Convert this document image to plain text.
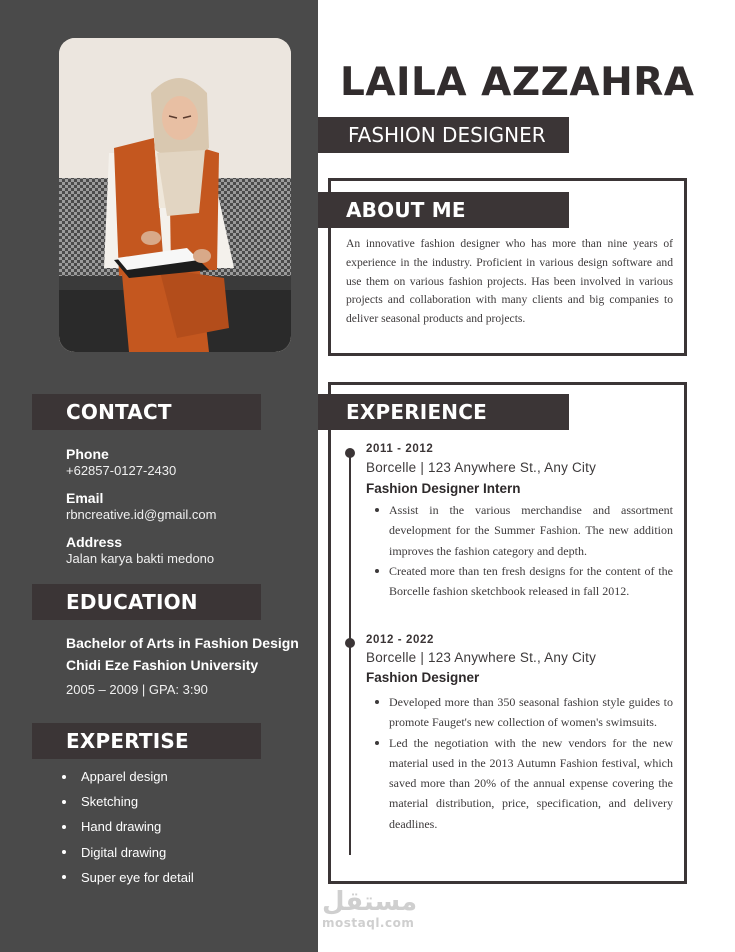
LAILA AZZAHRA
FASHION DESIGNER
ABOUT ME

An innovative fashion designer who has more than nine years of experience in the industry. Proficient in various design software and use them on various fashion projects. Has been involved in various projects and collaboration with many clients and big companies to deliver seasonal products and projects.

CONTACT
Phone
+62857-0127-2430
Email
rbncreative.id@gmail.com
Address
Jalan karya bakti medono
EDUCATION
Bachelor of Arts in Fashion Design
Chidi Eze Fashion University
2005 – 2009 | GPA: 3:90
EXPERTISE
Apparel design
Sketching
Hand drawing
Digital drawing
Super eye for detail
EXPERIENCE
2011 - 2012
Borcelle | 123 Anywhere St., Any City
Fashion Designer Intern
Assist in the various merchandise and assortment development for the Summer Fashion. The new addition improves the fashion category and depth.
Created more than ten fresh designs for the content of the Borcelle fashion sketchbook released in fall 2012.
2012 - 2022
Borcelle | 123 Anywhere St., Any City
Fashion Designer
Developed more than 350 seasonal fashion style guides to promote Fauget's new collection of women's swimsuits.
Led the negotiation with the new vendors for the new material used in the 2013 Autumn Fashion festival, which saved more than 20% of the annual expense covering the material distribution, price, specification, and delivery deadlines.
مستقل
mostaql.com
